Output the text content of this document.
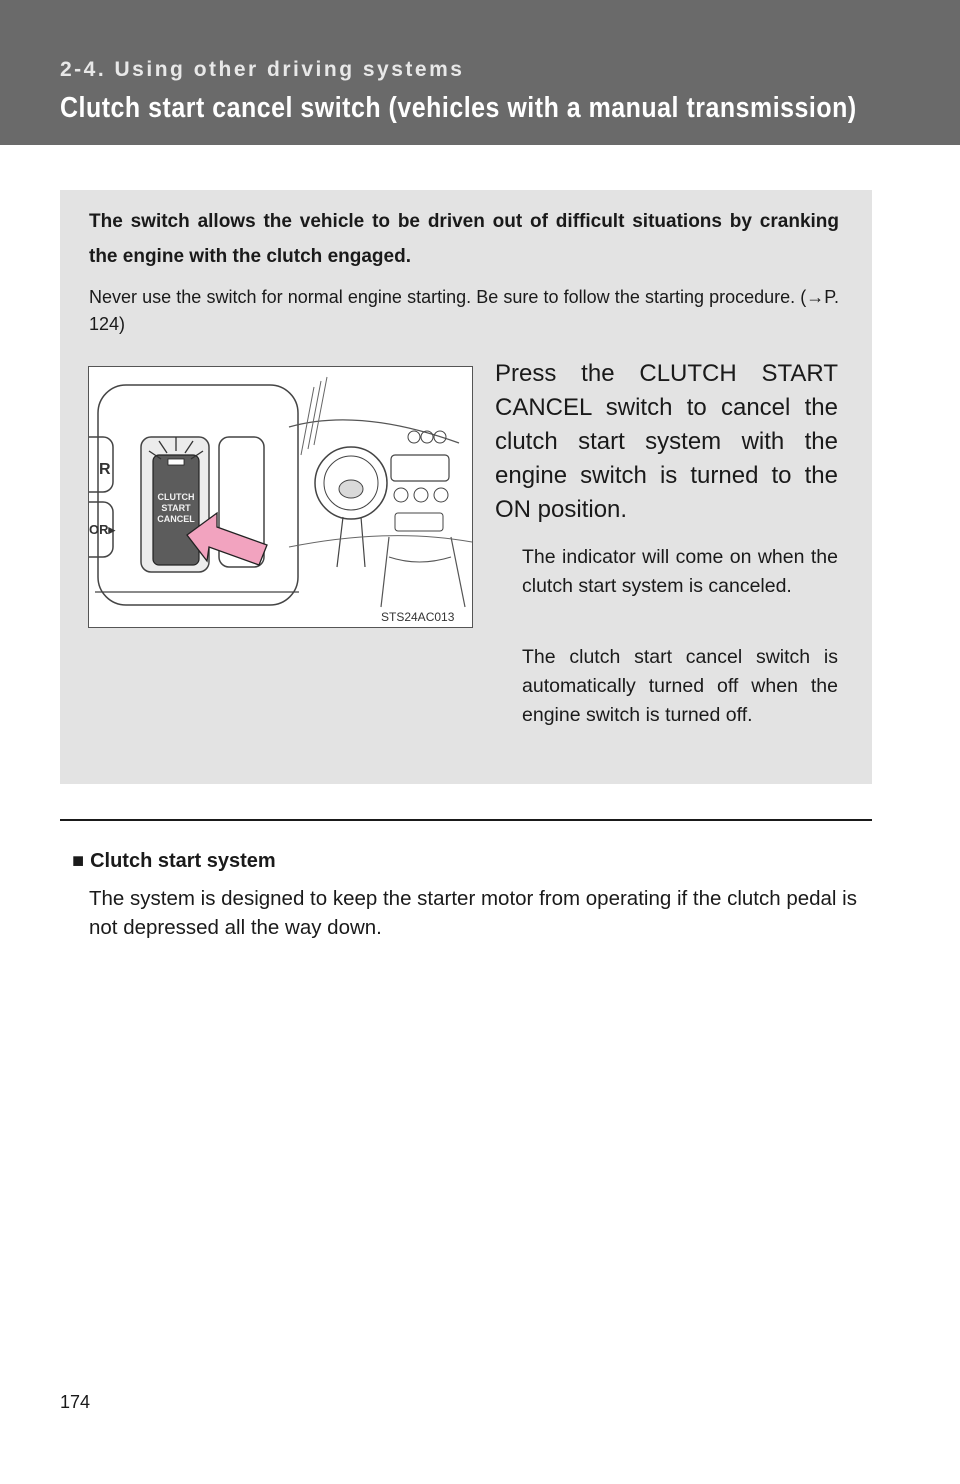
2-4. Using other driving systems
Clutch start cancel switch (vehicles with a manual transmission)
The switch allows the vehicle to be driven out of difficult situations by cranking the engine with the clutch engaged.
Never use the switch for normal engine starting. Be sure to follow the starting procedure. (→P. 124)
R
OR▸
CLUTCH
START
CANCEL
STS24AC013
Press the CLUTCH START CANCEL switch to cancel the clutch start system with the engine switch is turned to the ON position.
The indicator will come on when the clutch start system is canceled.
The clutch start cancel switch is automatically turned off when the engine switch is turned off.
■ Clutch start system
The system is designed to keep the starter motor from operating if the clutch pedal is not depressed all the way down.
174
